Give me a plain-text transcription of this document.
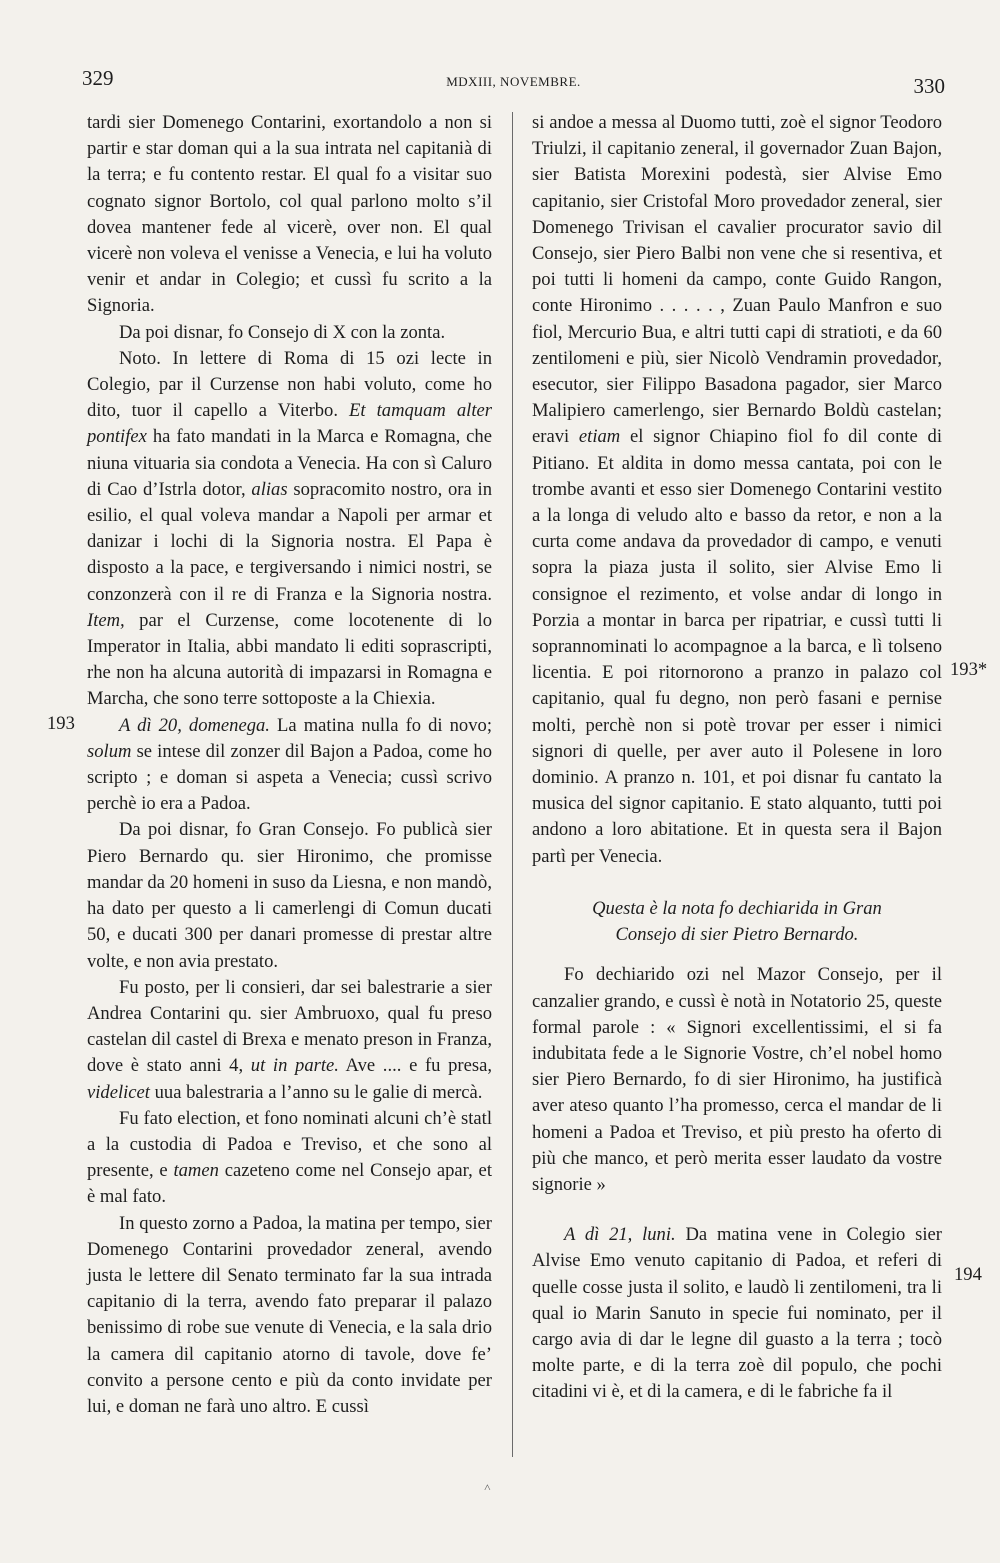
329	MDXIII, NOVEMBRE.	330
193
193*
194

tardi sier Domenego Contarini, exortandolo a non si partir e star doman qui a la sua intrata nel capitanià di la terra; e fu contento restar. El qual fo a visitar suo cognato signor Bortolo, col qual parlono molto s’il dovea mantener fede al vicerè, over non. El qual vicerè non voleva el venisse a Venecia, e lui ha voluto venir et andar in Colegio; et cussì fu scrito a la Signoria.

Da poi disnar, fo Consejo di X con la zonta.

Noto. In lettere di Roma di 15 ozi lecte in Colegio, par il Curzense non habi voluto, come ho dito, tuor il capello a Viterbo. Et tamquam alter pontifex ha fato mandati in la Marca e Romagna, che niuna vituaria sia condota a Venecia. Ha con sì Caluro di Cao d’Istrla dotor, alias sopracomito nostro, ora in esilio, el qual voleva mandar a Napoli per armar et danizar i lochi di la Signoria nostra. El Papa è disposto a la pace, e tergiversando i nimici nostri, se conzonzerà con il re di Franza e la Signoria nostra. Item, par el Curzense, come locotenente di lo Imperator in Italia, abbi mandato li editi soprascripti, rhe non ha alcuna autorità di impazarsi in Romagna e Marcha, che sono terre sottoposte a la Chiexia.

A dì 20, domenega. La matina nulla fo di novo; solum se intese dil zonzer dil Bajon a Padoa, come ho scripto ; e doman si aspeta a Venecia; cussì scrivo perchè io era a Padoa.

Da poi disnar, fo Gran Consejo. Fo publicà sier Piero Bernardo qu. sier Hironimo, che promisse mandar da 20 homeni in suso da Liesna, e non mandò, ha dato per questo a li camerlengi di Comun ducati 50, e ducati 300 per danari promesse di prestar altre volte, e non avia prestato.

Fu posto, per li consieri, dar sei balestrarie a sier Andrea Contarini qu. sier Ambruoxo, qual fu preso castelan dil castel di Brexa e menato preson in Franza, dove è stato anni 4, ut in parte. Ave .... e fu presa, videlicet uua balestraria a l’anno su le galie di mercà.

Fu fato election, et fono nominati alcuni ch’è statl a la custodia di Padoa e Treviso, et che sono al presente, e tamen cazeteno come nel Consejo apar, et è mal fato.

In questo zorno a Padoa, la matina per tempo, sier Domenego Contarini provedador zeneral, avendo justa le lettere dil Senato terminato far la sua intrada capitanio di la terra, avendo fato preparar il palazo benissimo di robe sue venute di Venecia, e la sala drio la camera dil capitanio atorno di tavole, dove fe’ convito a persone cento e più da conto invidate per lui, e doman ne farà uno altro. E cussì

si andoe a messa al Duomo tutti, zoè el signor Teodoro Triulzi, il capitanio zeneral, il governador Zuan Bajon, sier Batista Morexini podestà, sier Alvise Emo capitanio, sier Cristofal Moro provedador zeneral, sier Domenego Trivisan el cavalier procurator savio dil Consejo, sier Piero Balbi non vene che si resentiva, et poi tutti li homeni da campo, conte Guido Rangon, conte Hironimo . . . . . , Zuan Paulo Manfron e suo fiol, Mercurio Bua, e altri tutti capi di stratioti, e da 60 zentilomeni e più, sier Nicolò Vendramin provedador, esecutor, sier Filippo Basadona pagador, sier Marco Malipiero camerlengo, sier Bernardo Boldù castelan; eravi etiam el signor Chiapino fiol fo dil conte di Pitiano. Et aldita in domo messa cantata, poi con le trombe avanti et esso sier Domenego Contarini vestito a la longa di veludo alto e basso da retor, e non a la curta come andava da provedador di campo, e venuti sopra la piaza justa il solito, sier Alvise Emo li consignoe el rezimento, et volse andar di longo in Porzia a montar in barca per ripatriar, e cussì tutti li soprannominati lo acompagnoe a la barca, e lì tolseno licentia. E poi ritornorono a pranzo in palazo col capitanio, qual fu degno, non però fasani e pernise molti, perchè non si potè trovar per esser i nimici signori di quelle, per aver auto il Polesene in loro dominio. A pranzo n. 101, et poi disnar fu cantato la musica del signor capitanio. E stato alquanto, tutti poi andono a loro abitatione. Et in questa sera il Bajon partì per Venecia.

Questa è la nota fo dechiarida in Gran
Consejo di sier Pietro Bernardo.

Fo dechiarido ozi nel Mazor Consejo, per il canzalier grando, e cussì è notà in Notatorio 25, queste formal parole : « Signori excellentissimi, el si fa indubitata fede a le Signorie Vostre, ch’el nobel homo sier Piero Bernardo, fo di sier Hironimo, ha justificà aver ateso quanto l’ha promesso, cerca el mandar de li homeni a Padoa et Treviso, et più presto ha oferto di più che manco, et però merita esser laudato da vostre signorie »

A dì 21, luni. Da matina vene in Colegio sier Alvise Emo venuto capitanio di Padoa, et referi di quelle cosse justa il solito, e laudò li zentilomeni, tra li qual io Marin Sanuto in specie fui nominato, per il cargo avia di dar le legne dil guasto a la terra ; tocò molte parte, e di la terra zoè dil populo, che pochi citadini vi è, et di la camera, e di le fabriche fa il

˄
